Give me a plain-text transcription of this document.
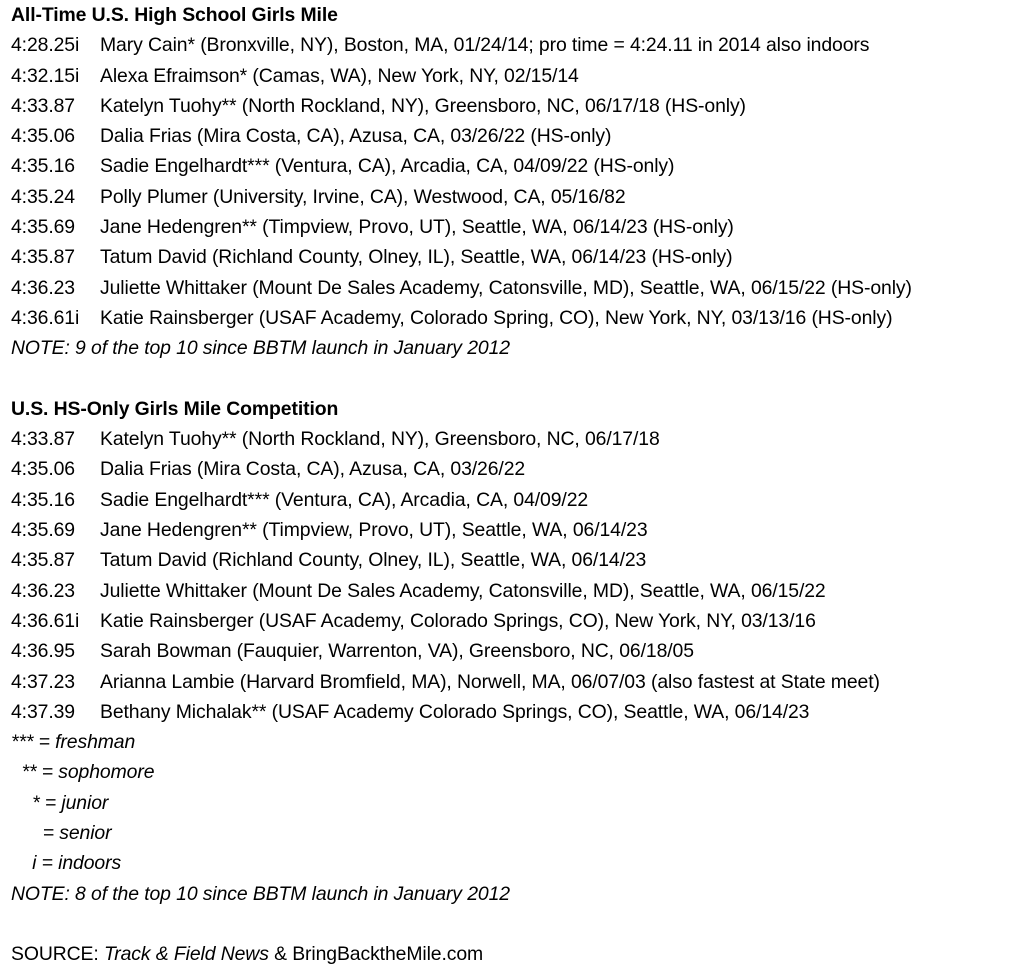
All-Time U.S. High School Girls Mile
4:28.25i	Mary Cain* (Bronxville, NY), Boston, MA, 01/24/14; pro time = 4:24.11 in 2014 also indoors
4:32.15i	Alexa Efraimson* (Camas, WA), New York, NY, 02/15/14
4:33.87	Katelyn Tuohy** (North Rockland, NY), Greensboro, NC, 06/17/18 (HS-only)
4:35.06	Dalia Frias (Mira Costa, CA), Azusa, CA, 03/26/22 (HS-only)
4:35.16	Sadie Engelhardt*** (Ventura, CA), Arcadia, CA, 04/09/22 (HS-only)
4:35.24	Polly Plumer (University, Irvine, CA), Westwood, CA, 05/16/82
4:35.69	Jane Hedengren** (Timpview, Provo, UT), Seattle, WA, 06/14/23 (HS-only)
4:35.87	Tatum David (Richland County, Olney, IL), Seattle, WA, 06/14/23 (HS-only)
4:36.23	Juliette Whittaker (Mount De Sales Academy, Catonsville, MD), Seattle, WA, 06/15/22 (HS-only)
4:36.61i	Katie Rainsberger (USAF Academy, Colorado Spring, CO), New York, NY, 03/13/16 (HS-only)
NOTE: 9 of the top 10 since BBTM launch in January 2012
U.S. HS-Only Girls Mile Competition
4:33.87	Katelyn Tuohy** (North Rockland, NY), Greensboro, NC, 06/17/18
4:35.06	Dalia Frias (Mira Costa, CA), Azusa, CA, 03/26/22
4:35.16	Sadie Engelhardt*** (Ventura, CA), Arcadia, CA, 04/09/22
4:35.69	Jane Hedengren** (Timpview, Provo, UT), Seattle, WA, 06/14/23
4:35.87	Tatum David (Richland County, Olney, IL), Seattle, WA, 06/14/23
4:36.23	Juliette Whittaker (Mount De Sales Academy, Catonsville, MD), Seattle, WA, 06/15/22
4:36.61i	Katie Rainsberger (USAF Academy, Colorado Springs, CO), New York, NY, 03/13/16
4:36.95	Sarah Bowman (Fauquier, Warrenton, VA), Greensboro, NC, 06/18/05
4:37.23	Arianna Lambie (Harvard Bromfield, MA), Norwell, MA, 06/07/03 (also fastest at State meet)
4:37.39	Bethany Michalak** (USAF Academy Colorado Springs, CO), Seattle, WA, 06/14/23
*** = freshman
** = sophomore
* = junior
= senior
i = indoors
NOTE: 8 of the top 10 since BBTM launch in January 2012
SOURCE: Track & Field News & BringBacktheMile.com
